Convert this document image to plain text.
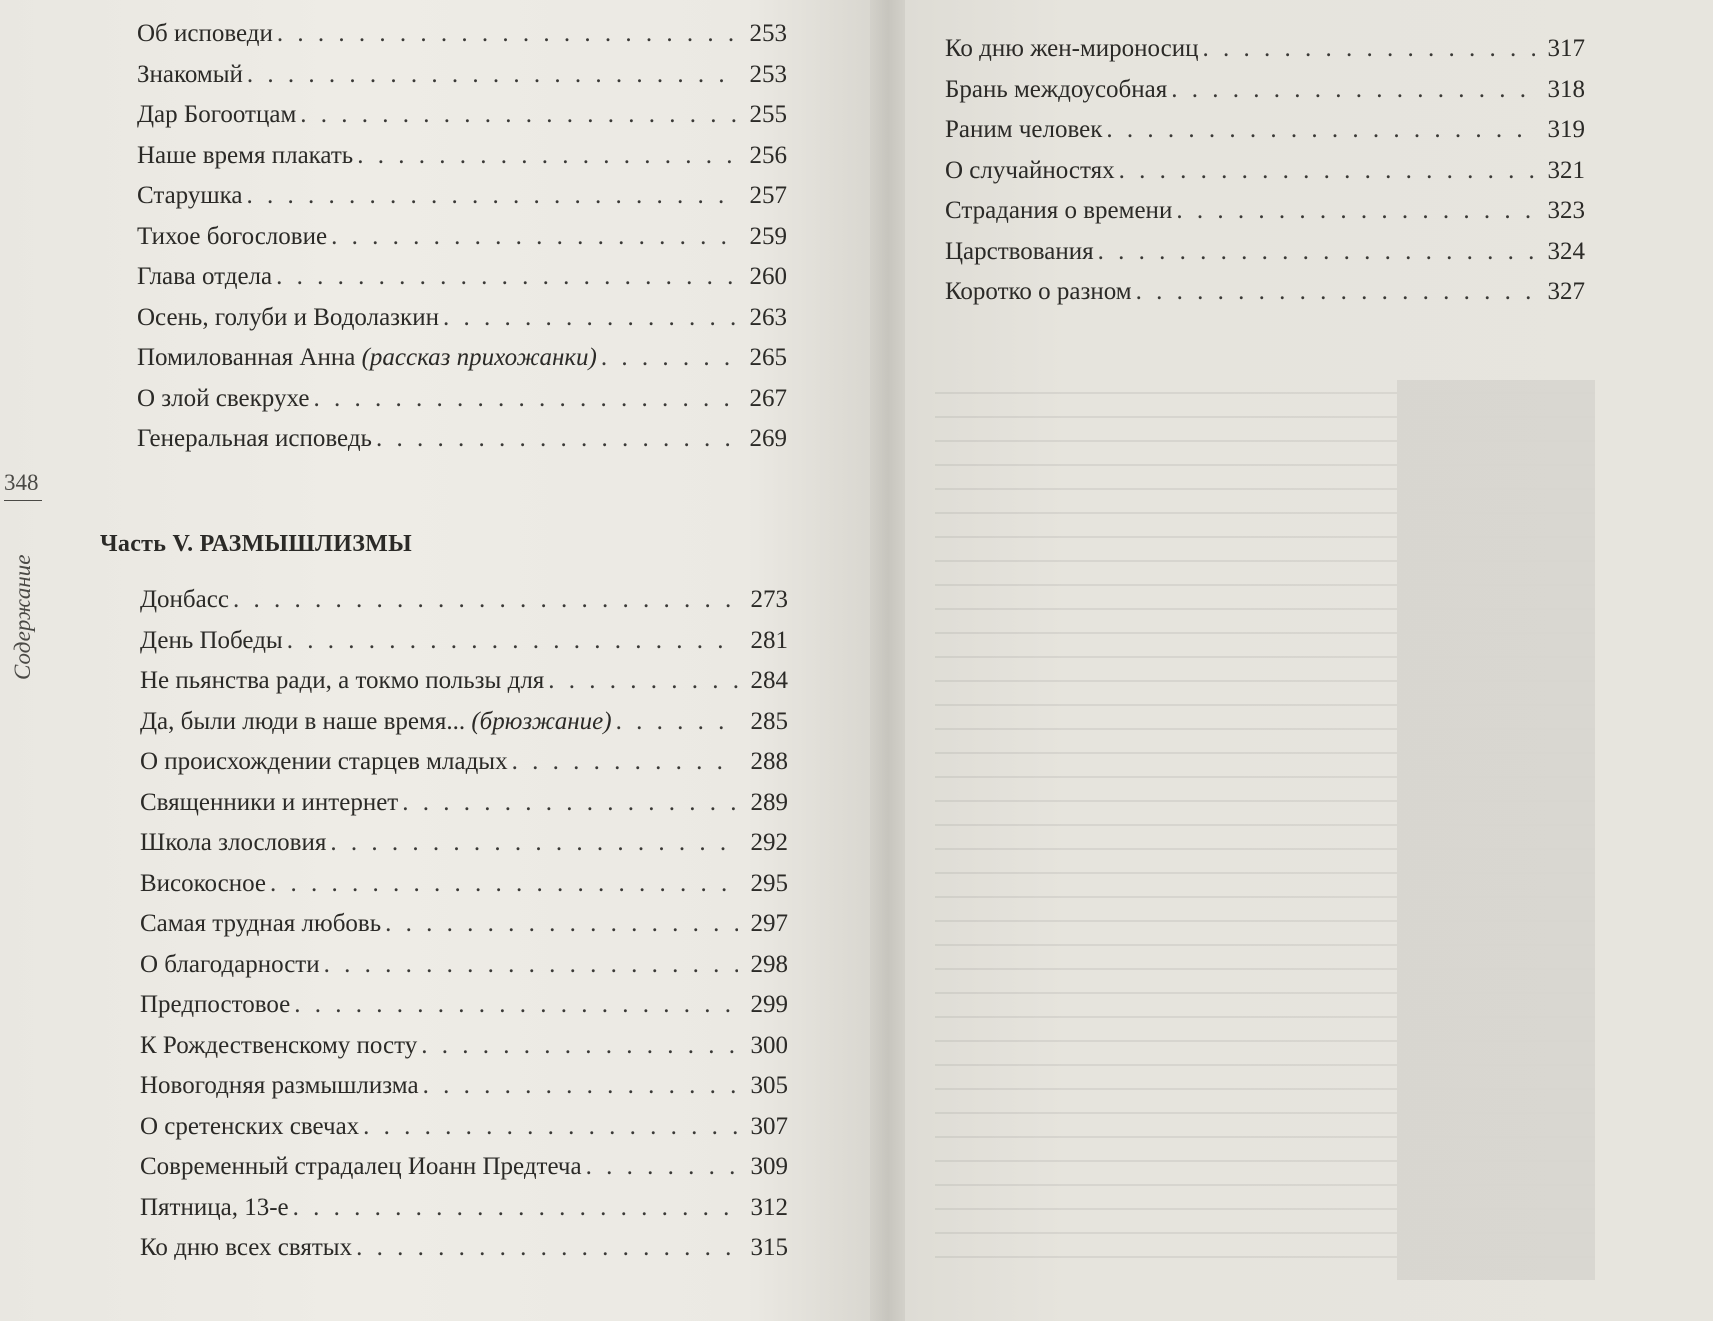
348
Содержание
Об исповеди . . .	253
Знакомый . . .	253
Дар Богоотцам . . .	255
Наше время плакать . . .	256
Старушка . . .	257
Тихое богословие . . .	259
Глава отдела . . .	260
Осень, голуби и Водолазкин . . .	263
Помилованная Анна (рассказ прихожанки) . . .	265
О злой свекрухе . . .	267
Генеральная исповедь . . .	269
Часть V. РАЗМЫШЛИЗМЫ
Донбасс . . .	273
День Победы . . .	281
Не пьянства ради, а токмо пользы для . . .	284
Да, были люди в наше время... (брюзжание) . . .	285
О происхождении старцев младых . . .	288
Священники и интернет . . .	289
Школа злословия . . .	292
Високосное . . .	295
Самая трудная любовь . . .	297
О благодарности . . .	298
Предпостовое . . .	299
К Рождественскому посту . . .	300
Новогодняя размышлизма . . .	305
О сретенских свечах . . .	307
Современный страдалец Иоанн Предтеча . . .	309
Пятница, 13-е . . .	312
Ко дню всех святых . . .	315
Ко дню жен-мироносиц . . .	317
Брань междоусобная . . .	318
Раним человек . . .	319
О случайностях . . .	321
Страдания о времени . . .	323
Царствования . . .	324
Коротко о разном . . .	327
